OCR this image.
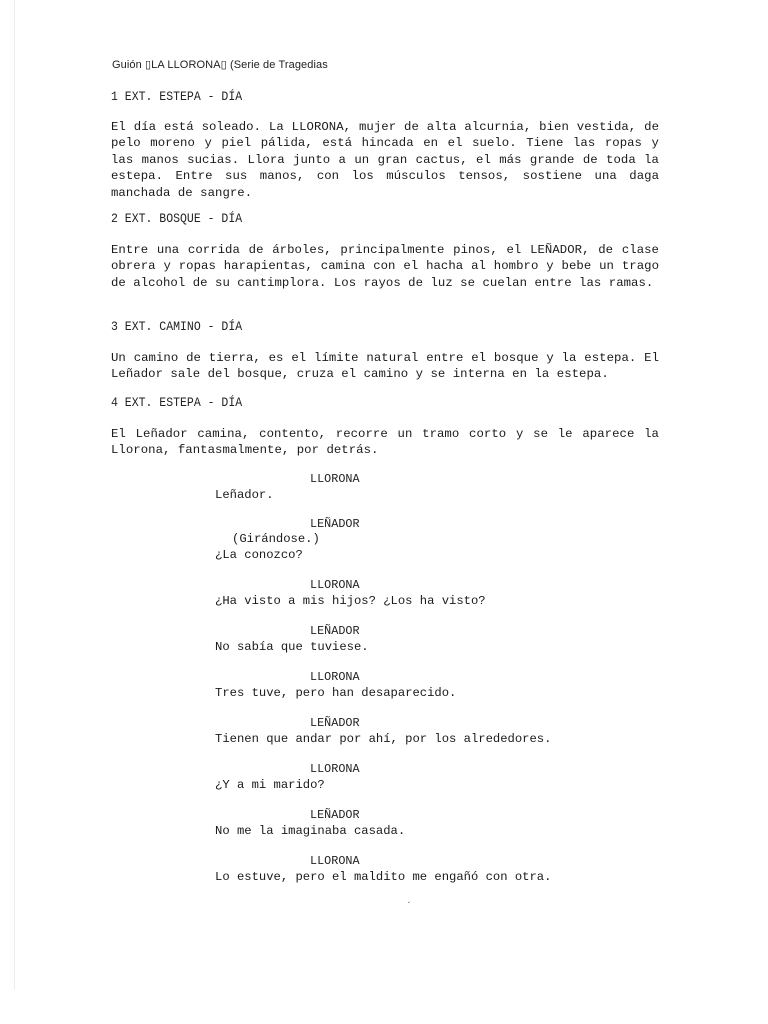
Guión ▯LA LLORONA▯ (Serie de Tragedias
1 EXT. ESTEPA - DÍA
El día está soleado. La LLORONA, mujer de alta alcurnia, bien vestida, de pelo moreno y piel pálida, está hincada en el suelo. Tiene las ropas y las manos sucias. Llora junto a un gran cactus, el más grande de toda la estepa. Entre sus manos, con los músculos tensos, sostiene una daga manchada de sangre.
2 EXT. BOSQUE - DÍA
Entre una corrida de árboles, principalmente pinos, el LEÑADOR, de clase obrera y ropas harapientas, camina con el hacha al hombro y bebe un trago de alcohol de su cantimplora. Los rayos de luz se cuelan entre las ramas.
3 EXT. CAMINO - DÍA
Un camino de tierra, es el límite natural entre el bosque y la estepa. El Leñador sale del bosque, cruza el camino y se interna en la estepa.
4 EXT. ESTEPA - DÍA
El Leñador camina, contento, recorre un tramo corto y se le aparece la Llorona, fantasmalmente, por detrás.
LLORONA
Leñador.
LEÑADOR
(Girándose.)
¿La conozco?
LLORONA
¿Ha visto a mis hijos? ¿Los ha visto?
LEÑADOR
No sabía que tuviese.
LLORONA
Tres tuve, pero han desaparecido.
LEÑADOR
Tienen que andar por ahí, por los alrededores.
LLORONA
¿Y a mi marido?
LEÑADOR
No me la imaginaba casada.
LLORONA
Lo estuve, pero el maldito me engañó con otra.
´
